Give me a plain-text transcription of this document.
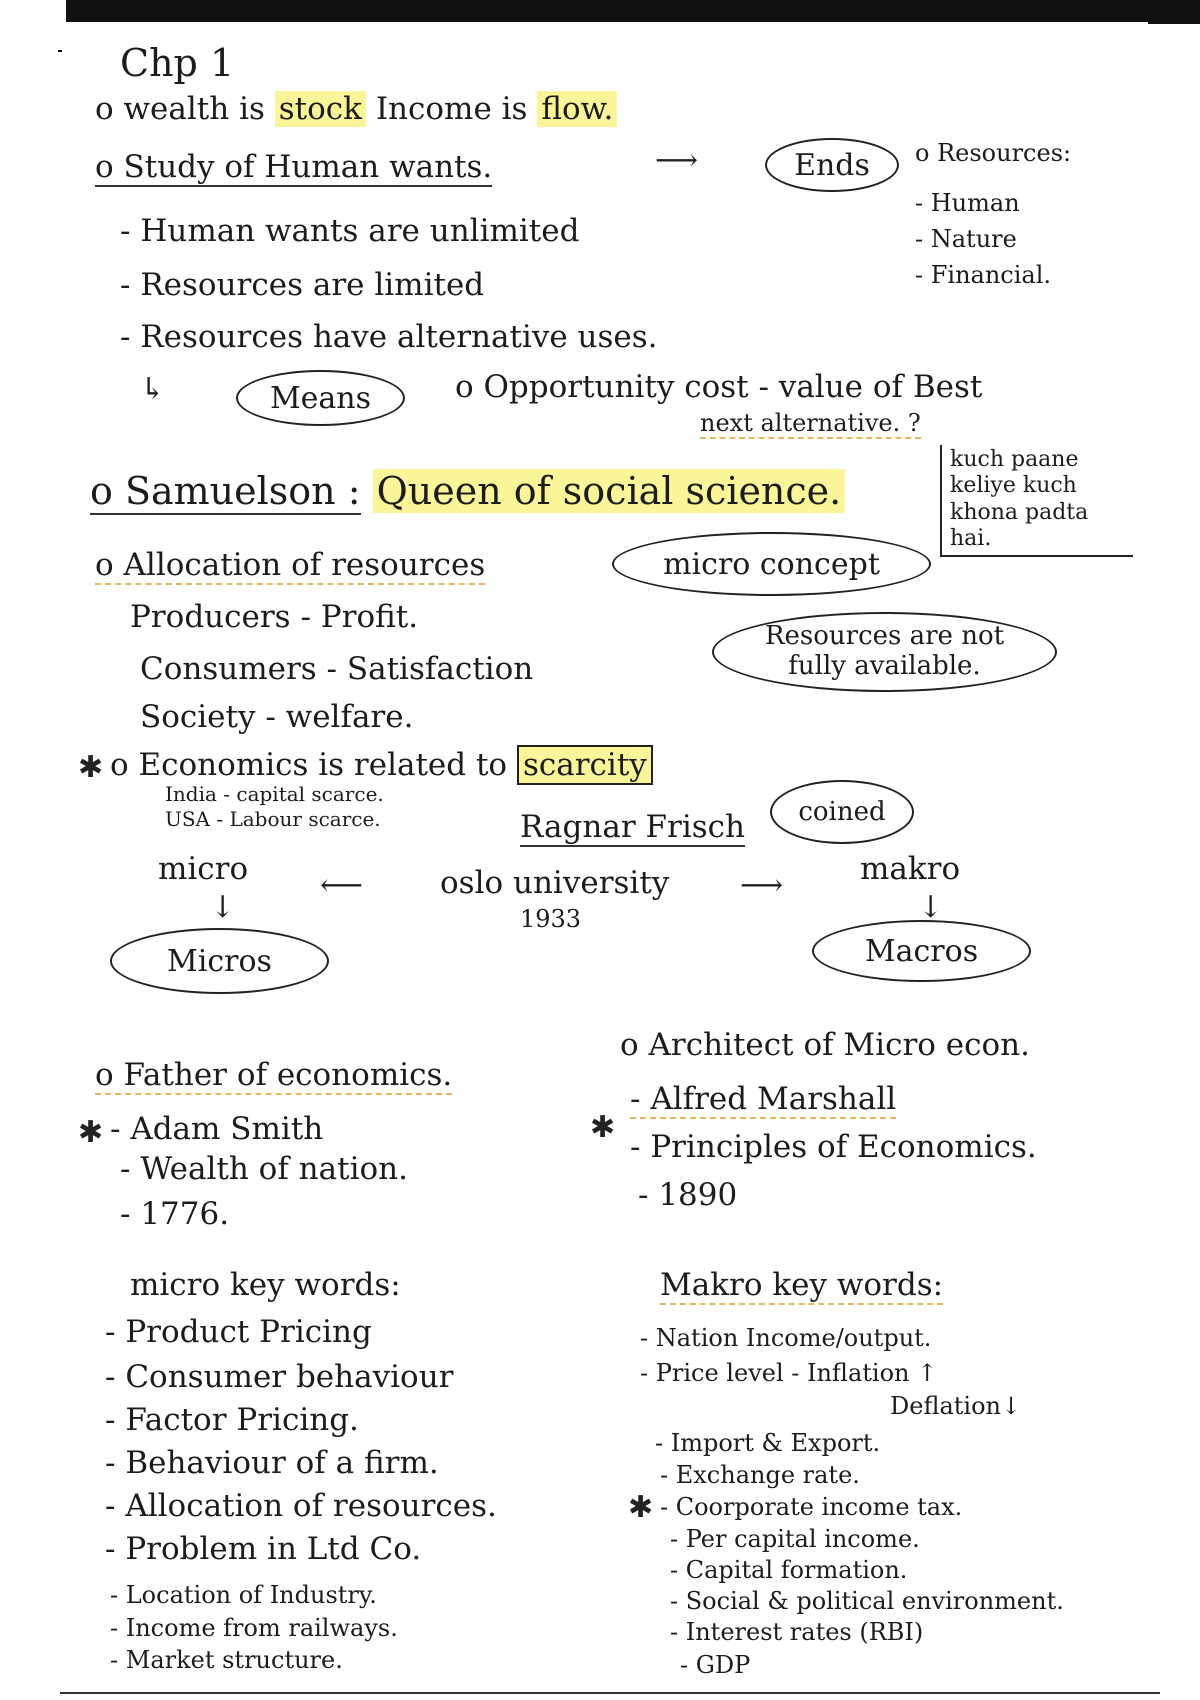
Chp 1
o wealth is stock Income is flow.
o Study of Human wants.	⟶	Ends	o Resources:
- Human
- Nature
- Financial.
- Human wants are unlimited
- Resources are limited
- Resources have alternative uses.
↳	Means	o Opportunity cost - value of Best
next alternative. ?
o Samuelson : Queen of social science.
kuch paane
keliye kuch
khona padta
hai.
o Allocation of resources	micro concept
Producers - Profit.
Consumers - Satisfaction
Society - welfare.
Resources are not fully available.
✱ o Economics is related to scarcity
India - capital scarce.
USA - Labour scarce.	Ragnar Frisch	coined
micro
↓
⟵ oslo university
1933
⟶ makro
↓
Micros	Macros
o Father of economics.
✱ - Adam Smith
- Wealth of nation.
- 1776.
o Architect of Micro econ.
✱
- Alfred Marshall
- Principles of Economics.
- 1890
micro key words:
- Product Pricing
- Consumer behaviour
- Factor Pricing.
- Behaviour of a firm.
- Allocation of resources.
- Problem in Ltd Co.
- Location of Industry.
- Income from railways.
- Market structure.
Makro key words:
- Nation Income/output.
- Price level - Inflation ↑
Deflation↓
- Import & Export.
- Exchange rate.
✱ - Coorporate income tax.
- Per capital income.
- Capital formation.
- Social & political environment.
- Interest rates (RBI)
- GDP
